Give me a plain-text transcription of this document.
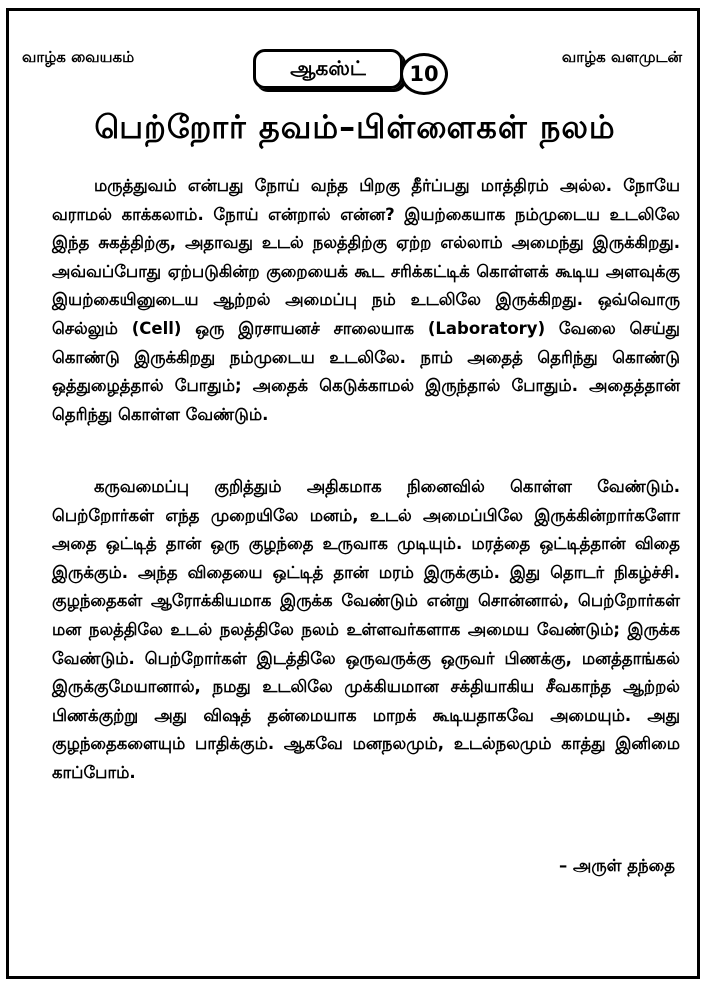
வாழ்க வையகம்	ஆகஸ்ட் 10
வாழ்க வளமுடன்
பெற்றோர் தவம்–பிள்ளைகள் நலம்
மருத்துவம் என்பது நோய் வந்த பிறகு தீர்ப்பது மாத்திரம் அல்ல. நோயே வராமல் காக்கலாம். நோய் என்றால் என்ன? இயற்கையாக நம்முடைய உடலிலே இந்த சுகத்திற்கு, அதாவது உடல் நலத்திற்கு ஏற்ற எல்லாம் அமைந்து இருக்கிறது. அவ்வப்போது ஏற்படுகின்ற குறையைக் கூட சரிக்கட்டிக் கொள்ளக் கூடிய அளவுக்கு இயற்கையினுடைய ஆற்றல் அமைப்பு நம் உடலிலே இருக்கிறது. ஒவ்வொரு செல்லும் (Cell) ஒரு இரசாயனச் சாலையாக (Laboratory) வேலை செய்து கொண்டு இருக்கிறது நம்முடைய உடலிலே. நாம் அதைத் தெரிந்து கொண்டு ஒத்துழைத்தால் போதும்; அதைக் கெடுக்காமல் இருந்தால் போதும். அதைத்தான் தெரிந்து கொள்ள வேண்டும்.
கருவமைப்பு குறித்தும் அதிகமாக நினைவில் கொள்ள வேண்டும். பெற்றோர்கள் எந்த முறையிலே மனம், உடல் அமைப்பிலே இருக்கின்றார்களோ அதை ஒட்டித் தான் ஒரு குழந்தை உருவாக முடியும். மரத்தை ஒட்டித்தான் விதை இருக்கும். அந்த விதையை ஒட்டித் தான் மரம் இருக்கும். இது தொடர் நிகழ்ச்சி. குழந்தைகள் ஆரோக்கியமாக இருக்க வேண்டும் என்று சொன்னால், பெற்றோர்கள் மன நலத்திலே உடல் நலத்திலே நலம் உள்ளவர்களாக அமைய வேண்டும்; இருக்க வேண்டும். பெற்றோர்கள் இடத்திலே ஒருவருக்கு ஒருவர் பிணக்கு, மனத்தாங்கல் இருக்குமேயானால், நமது உடலிலே முக்கியமான சக்தியாகிய சீவகாந்த ஆற்றல் பிணக்குற்று அது விஷத் தன்மையாக மாறக் கூடியதாகவே அமையும். அது குழந்தைகளையும் பாதிக்கும். ஆகவே மனநலமும், உடல்நலமும் காத்து இனிமை காப்போம்.
– அருள் தந்தை
